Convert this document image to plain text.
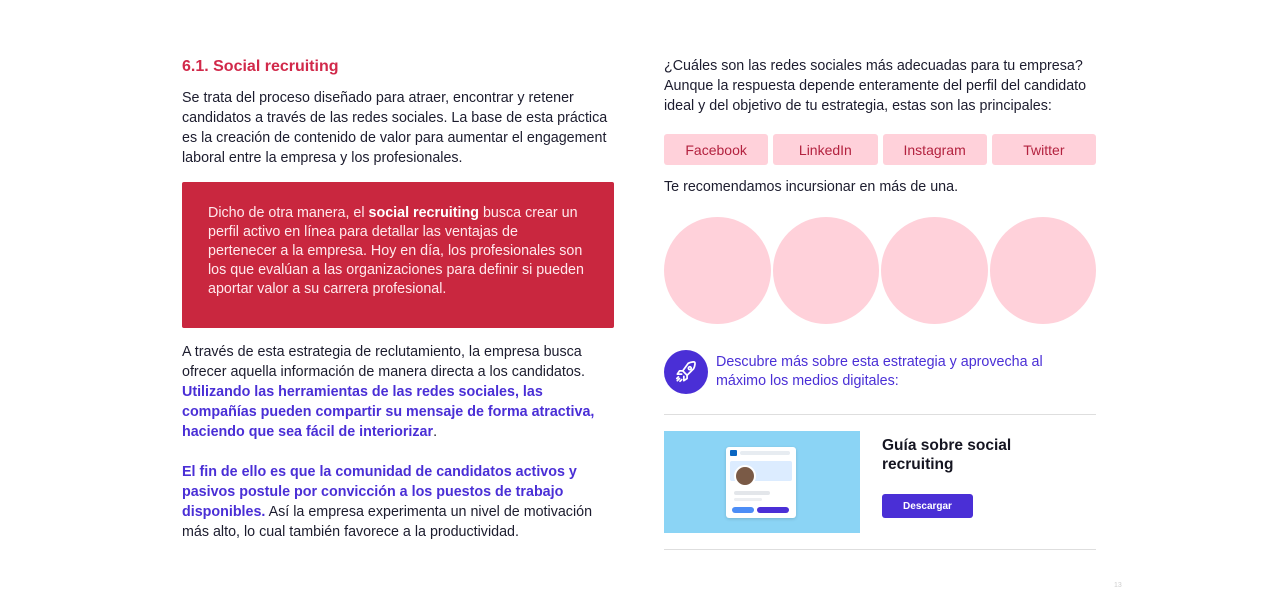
6.1. Social recruiting

Se trata del proceso diseñado para atraer, encontrar y retener candidatos a través de las redes sociales. La base de esta práctica es la creación de contenido de valor para aumentar el engagement laboral entre la empresa y los profesionales.

Dicho de otra manera, el social recruiting busca crear un perfil activo en línea para detallar las ventajas de pertenecer a la empresa. Hoy en día, los profesionales son los que evalúan a las organizaciones para definir si pueden aportar valor a su carrera profesional.

A través de esta estrategia de reclutamiento, la empresa busca ofrecer aquella información de manera directa a los candidatos. Utilizando las herramientas de las redes sociales, las compañías pueden compartir su mensaje de forma atractiva, haciendo que sea fácil de interiorizar.

El fin de ello es que la comunidad de candidatos activos y pasivos postule por convicción a los puestos de trabajo disponibles. Así la empresa experimenta un nivel de motivación más alto, lo cual también favorece a la productividad.

¿Cuáles son las redes sociales más adecuadas para tu empresa? Aunque la respuesta depende enteramente del perfil del candidato ideal y del objetivo de tu estrategia, estas son las principales:

Facebook	LinkedIn	Instagram	Twitter

Te recomendamos incursionar en más de una.

Descubre más sobre esta estrategia y aprovecha al máximo los medios digitales:
Guía sobre social recruiting
Descargar
13
